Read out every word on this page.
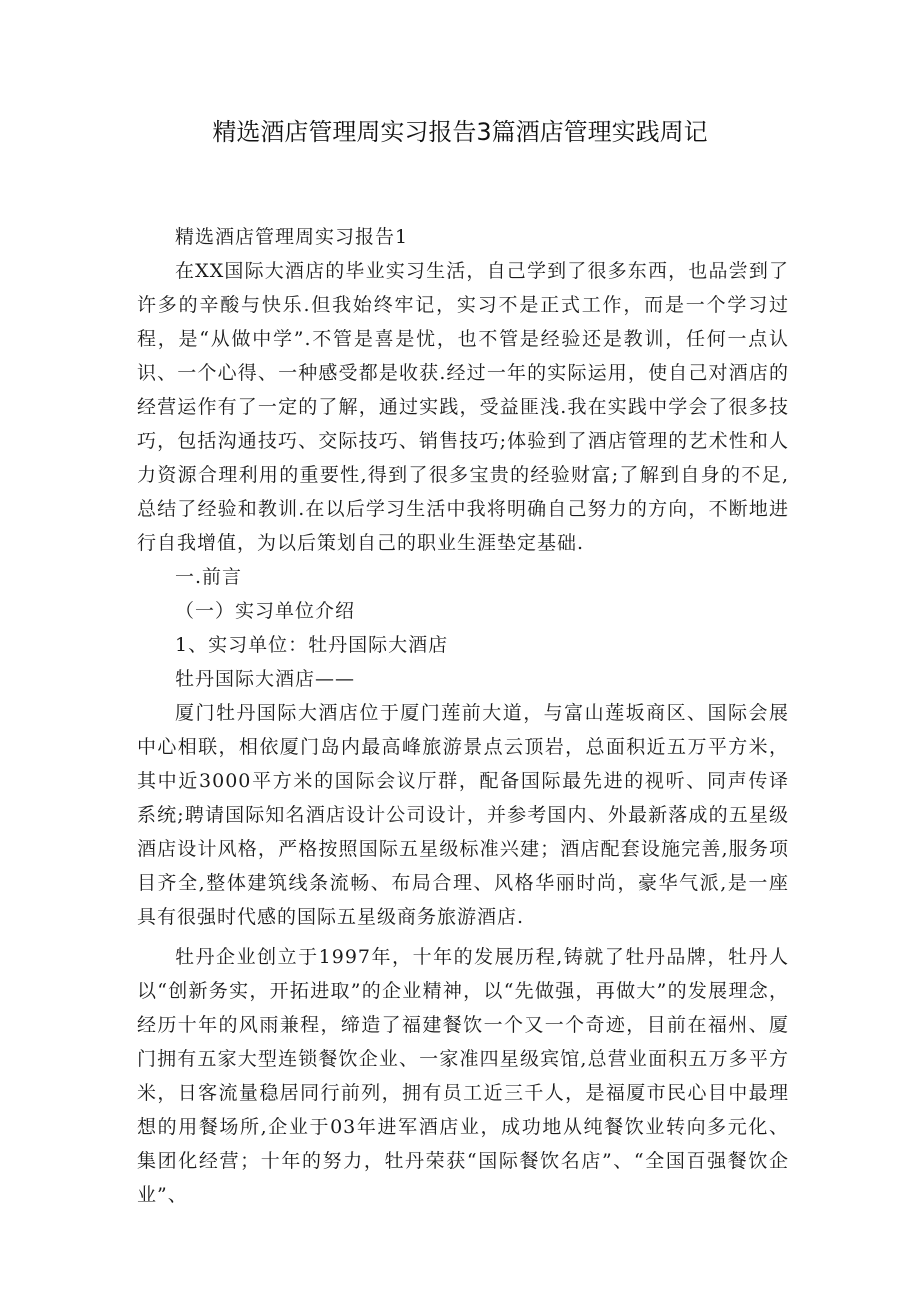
精选酒店管理周实习报告3篇酒店管理实践周记

精选酒店管理周实习报告1

在XX国际大酒店的毕业实习生活，自己学到了很多东西，也品尝到了许多的辛酸与快乐.但我始终牢记，实习不是正式工作，而是一个学习过程，是“从做中学”.不管是喜是忧，也不管是经验还是教训，任何一点认识、一个心得、一种感受都是收获.经过一年的实际运用，使自己对酒店的经营运作有了一定的了解，通过实践，受益匪浅.我在实践中学会了很多技巧，包括沟通技巧、交际技巧、销售技巧;体验到了酒店管理的艺术性和人力资源合理利用的重要性,得到了很多宝贵的经验财富;了解到自身的不足,总结了经验和教训.在以后学习生活中我将明确自己努力的方向，不断地进行自我增值，为以后策划自己的职业生涯垫定基础.

一.前言

（一）实习单位介绍

1、实习单位：牡丹国际大酒店

牡丹国际大酒店——

厦门牡丹国际大酒店位于厦门莲前大道，与富山莲坂商区、国际会展中心相联，相依厦门岛内最高峰旅游景点云顶岩，总面积近五万平方米，其中近3000平方米的国际会议厅群，配备国际最先进的视听、同声传译系统;聘请国际知名酒店设计公司设计，并参考国内、外最新落成的五星级酒店设计风格，严格按照国际五星级标准兴建；酒店配套设施完善,服务项目齐全,整体建筑线条流畅、布局合理、风格华丽时尚，豪华气派,是一座具有很强时代感的国际五星级商务旅游酒店.

牡丹企业创立于1997年，十年的发展历程,铸就了牡丹品牌，牡丹人以“创新务实，开拓进取”的企业精神，以“先做强，再做大”的发展理念，经历十年的风雨兼程，缔造了福建餐饮一个又一个奇迹，目前在福州、厦门拥有五家大型连锁餐饮企业、一家准四星级宾馆,总营业面积五万多平方米，日客流量稳居同行前列，拥有员工近三千人，是福厦市民心目中最理想的用餐场所,企业于03年进军酒店业，成功地从纯餐饮业转向多元化、集团化经营；十年的努力，牡丹荣获“国际餐饮名店”、“全国百强餐饮企业”、
